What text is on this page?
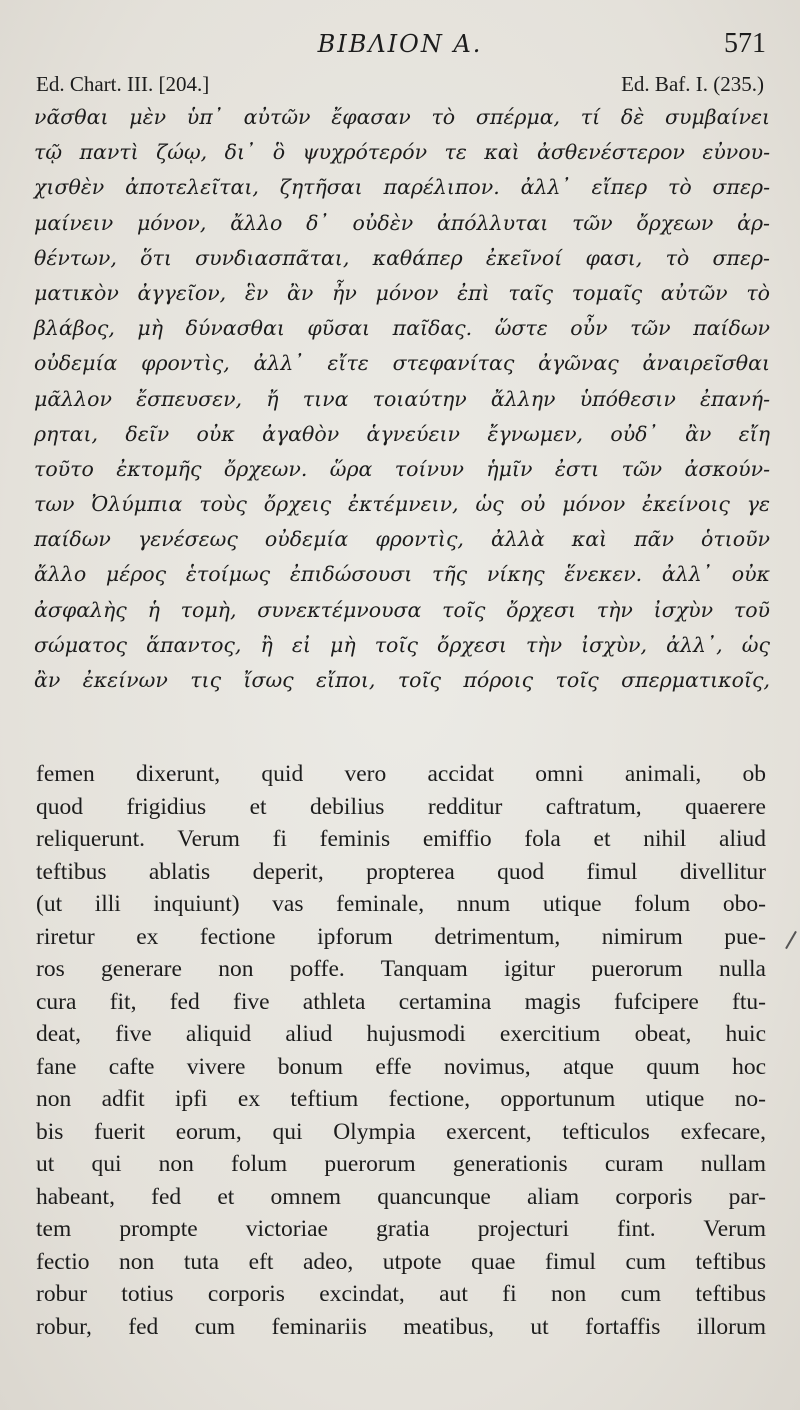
BIBΛΙΟΝ Α.	571
Ed. Chart. III. [204.]	Ed. Baf. I. (235.)
νᾶσθαι μὲν ὑπ᾽ αὐτῶν ἔφασαν τὸ σπέρμα, τί δὲ συμβαίνει
τῷ παντὶ ζώῳ, δι᾽ ὃ ψυχρότερόν τε καὶ ἀσθενέστερον εὐνου-
χισθὲν ἀποτελεῖται, ζητῆσαι παρέλιπον. ἀλλ᾽ εἴπερ τὸ σπερ-
μαίνειν μόνον, ἄλλο δ᾽ οὐδὲν ἀπόλλυται τῶν ὄρχεων ἀρ-
θέντων, ὅτι συνδιασπᾶται, καθάπερ ἐκεῖνοί φασι, τὸ σπερ-
ματικὸν ἀγγεῖον, ἓν ἂν ἦν μόνον ἐπὶ ταῖς τομαῖς αὐτῶν τὸ
βλάβος, μὴ δύνασθαι φῦσαι παῖδας. ὥστε οὖν τῶν παίδων
οὐδεμία φροντὶς, ἀλλ᾽ εἴτε στεφανίτας ἀγῶνας ἀναιρεῖσθαι
μᾶλλον ἔσπευσεν, ἤ τινα τοιαύτην ἄλλην ὑπόθεσιν ἐπανή-
ρηται, δεῖν οὐκ ἀγαθὸν ἁγνεύειν ἔγνωμεν, οὐδ᾽ ἂν εἴη
τοῦτο ἐκτομῆς ὄρχεων. ὥρα τοίνυν ἡμῖν ἐστι τῶν ἀσκούν-
των Ὀλύμπια τοὺς ὄρχεις ἐκτέμνειν, ὡς οὐ μόνον ἐκείνοις γε
παίδων γενέσεως οὐδεμία φροντὶς, ἀλλὰ καὶ πᾶν ὁτιοῦν
ἄλλο μέρος ἑτοίμως ἐπιδώσουσι τῆς νίκης ἕνεκεν. ἀλλ᾽ οὐκ
ἀσφαλὴς ἡ τομὴ, συνεκτέμνουσα τοῖς ὄρχεσι τὴν ἰσχὺν τοῦ
σώματος ἅπαντος, ἢ εἰ μὴ τοῖς ὄρχεσι τὴν ἰσχὺν, ἀλλ᾽, ὡς
ἂν ἐκείνων τις ἴσως εἴποι, τοῖς πόροις τοῖς σπερματικοῖς,
femen dixerunt, quid vero accidat omni animali, ob
quod frigidius et debilius redditur caftratum, quaerere
reliquerunt. Verum fi feminis emiffio fola et nihil aliud
teftibus ablatis deperit, propterea quod fimul divellitur
(ut illi inquiunt) vas feminale, nnum utique folum obo-
riretur ex fectione ipforum detrimentum, nimirum pue-
ros generare non poffe. Tanquam igitur puerorum nulla
cura fit, fed five athleta certamina magis fufcipere ftu-
deat, five aliquid aliud hujusmodi exercitium obeat, huic
fane cafte vivere bonum effe novimus, atque quum hoc
non adfit ipfi ex teftium fectione, opportunum utique no-
bis fuerit eorum, qui Olympia exercent, tefticulos exfecare,
ut qui non folum puerorum generationis curam nullam
habeant, fed et omnem quancunque aliam corporis par-
tem prompte victoriae gratia projecturi fint. Verum
fectio non tuta eft adeo, utpote quae fimul cum teftibus
robur totius corporis excindat, aut fi non cum teftibus
robur, fed cum feminariis meatibus, ut fortaffis illorum
